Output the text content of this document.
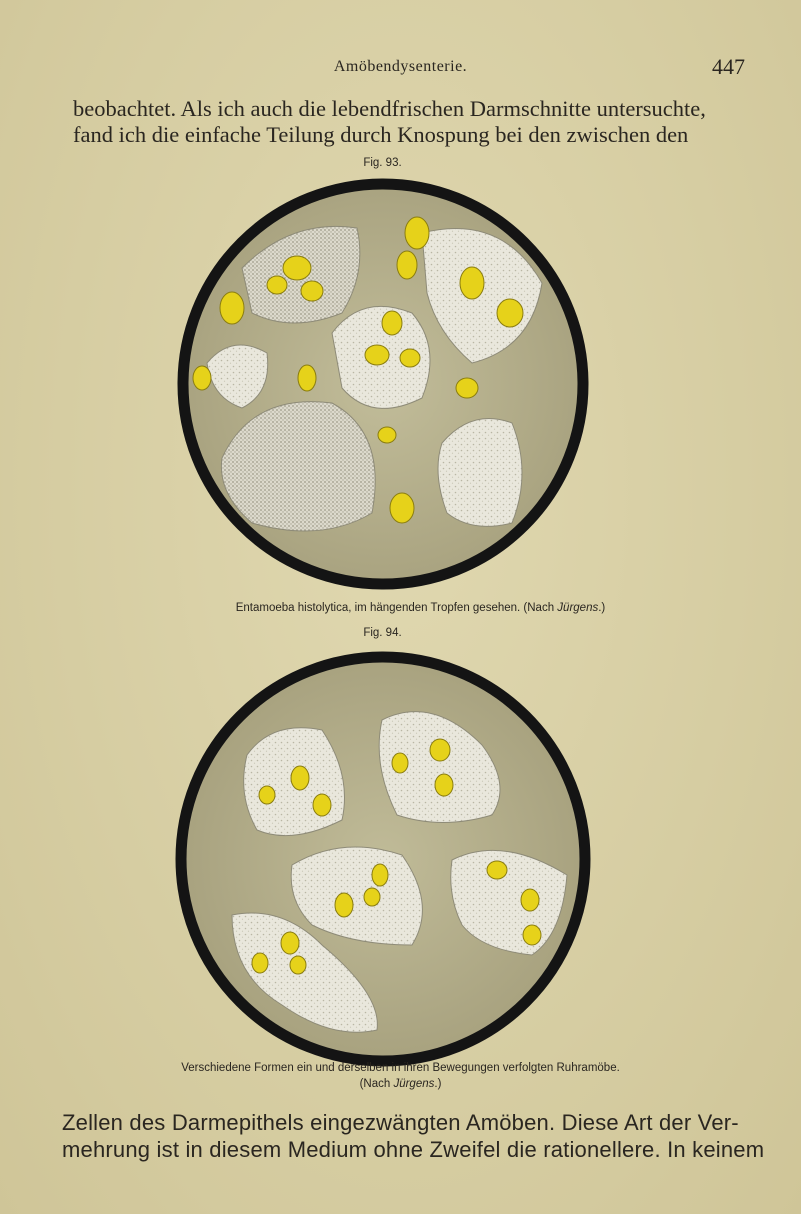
Amöbendysenterie.	447
beobachtet. Als ich auch die lebendfrischen Darmschnitte untersuchte,
fand ich die einfache Teilung durch Knospung bei den zwischen den
Fig. 93.
Entamoeba histolytica, im hängenden Tropfen gesehen. (Nach Jürgens.)
Fig. 94.
Verschiedene Formen ein und derselben in ihren Bewegungen verfolgten Ruhramöbe.
(Nach Jürgens.)
Zellen des Darmepithels eingezwängten Amöben. Diese Art der Ver-
mehrung ist in diesem Medium ohne Zweifel die rationellere. In keinem
